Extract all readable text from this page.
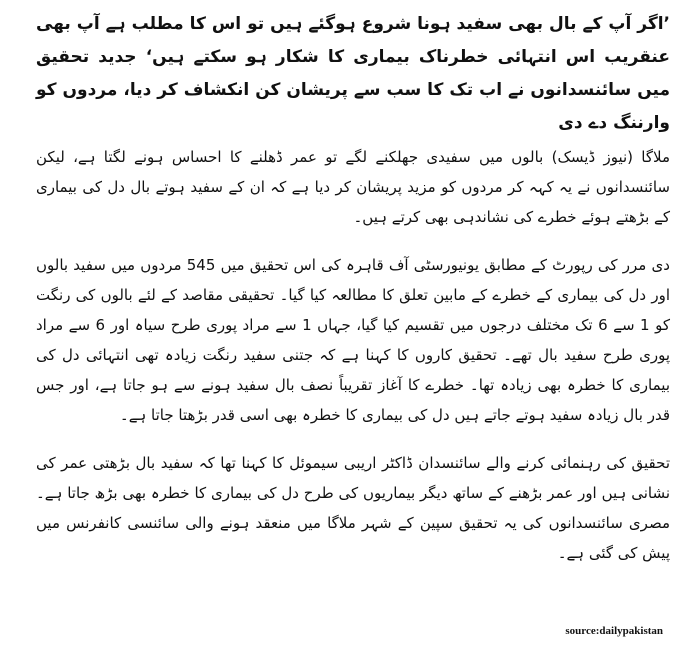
’اگر آپ کے بال بھی سفید ہونا شروع ہوگئے ہیں تو اس کا مطلب ہے آپ بھی عنقریب اس انتہائی خطرناک بیماری کا شکار ہو سکتے ہیں‘ جدید تحقیق میں سائنسدانوں نے اب تک کا سب سے پریشان کن انکشاف کر دیا، مردوں کو وارننگ دے دی

ملاگا (نیوز ڈیسک) بالوں میں سفیدی جھلکنے لگے تو عمر ڈھلنے کا احساس ہونے لگتا ہے، لیکن سائنسدانوں نے یہ کہہ کر مردوں کو مزید پریشان کر دیا ہے کہ ان کے سفید ہوتے بال دل کی بیماری کے بڑھتے ہوئے خطرے کی نشاندہی بھی کرتے ہیں۔

دی مرر کی رپورٹ کے مطابق یونیورسٹی آف قاہرہ کی اس تحقیق میں 545 مردوں میں سفید بالوں اور دل کی بیماری کے خطرے کے مابین تعلق کا مطالعہ کیا گیا۔ تحقیقی مقاصد کے لئے بالوں کی رنگت کو 1 سے 6 تک مختلف درجوں میں تقسیم کیا گیا، جہاں 1 سے مراد پوری طرح سیاہ اور 6 سے مراد پوری طرح سفید بال تھے۔ تحقیق کاروں کا کہنا ہے کہ جتنی سفید رنگت زیادہ تھی انتہائی دل کی بیماری کا خطرہ بھی زیادہ تھا۔ خطرے کا آغاز تقریباً نصف بال سفید ہونے سے ہو جاتا ہے، اور جس قدر بال زیادہ سفید ہوتے جاتے ہیں دل کی بیماری کا خطرہ بھی اسی قدر بڑھتا جاتا ہے۔

تحقیق کی رہنمائی کرنے والے سائنسدان ڈاکٹر اریبی سیموئل کا کہنا تھا کہ سفید بال بڑھتی عمر کی نشانی ہیں اور عمر بڑھنے کے ساتھ دیگر بیماریوں کی طرح دل کی بیماری کا خطرہ بھی بڑھ جاتا ہے۔ مصری سائنسدانوں کی یہ تحقیق سپین کے شہر ملاگا میں منعقد ہونے والی سائنسی کانفرنس میں پیش کی گئی ہے۔

source:dailypakistan
